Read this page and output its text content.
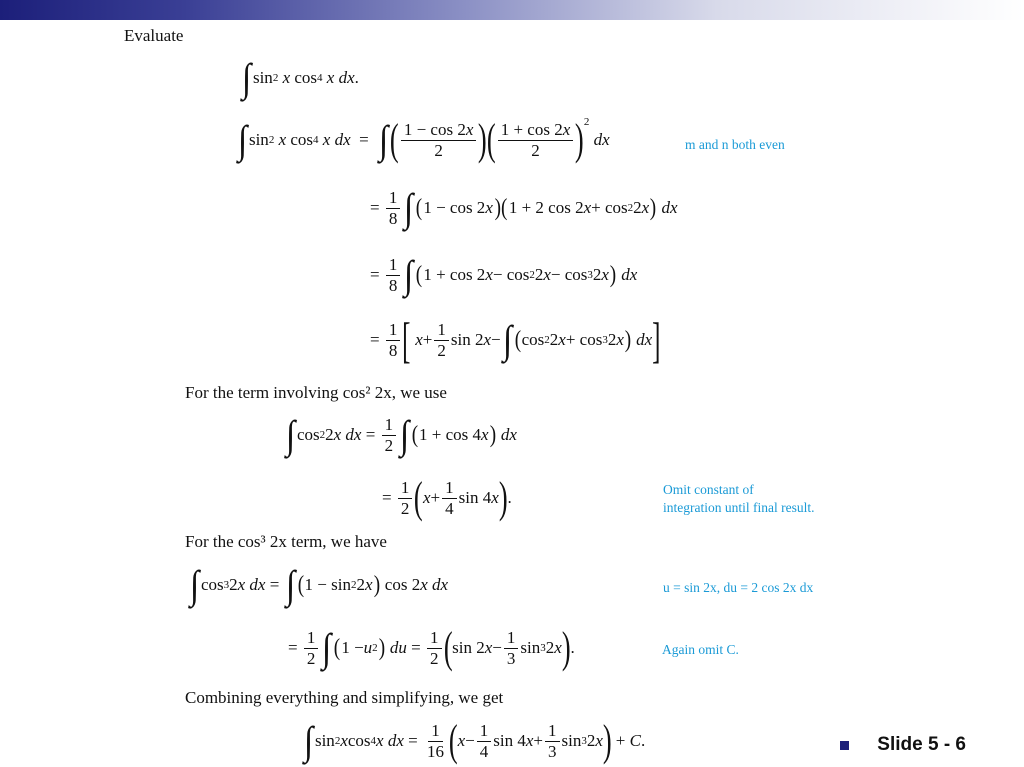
Evaluate
∫ sin 2
x cos 4
x dx .
∫ sin 2
x cos 4
x dx = ∫ ( $\frac{1 - \cos 2x}{2}$ ) ( $\frac{1 + \cos 2x}{2} )^2$

dx	m and n both even
= $\frac{1}{8}$ ∫ ( 1 − cos 2 x )( 1 + 2 cos 2 x + cos 2 2 x )
dx
= $\frac{1}{8}$ ∫ ( 1 + cos 2 x − cos 2 2 x − cos 3 2 x )
dx
= $\frac{1}{8}$ [
$x + \frac{1}{2}$ sin 2 x − ∫ ( cos 2 2 x + cos 3 2 x )
dx ]
For the term involving cos² 2x, we use
∫ cos 2 2 x dx = $\frac{1}{2}$ ∫ ( 1 + cos 4 x )
dx
= $\frac{1}{2}$ ( $x + \frac{1}{4}$ sin 4 x ) .	Omit constant of
integration until final result.
For the cos³ 2x term, we have
∫ cos 3 2 x dx = ∫ ( 1 − sin 2 2 x ) cos 2 x dx	u = sin 2x, du = 2 cos 2x dx
= $\frac{1}{2}$ ∫ ( 1 − u 2 )
du = $\frac{1}{2}$ ( sin 2 $x - \frac{1}{3}$ sin 3 2 x ) .	Again omit C.
Combining everything and simplifying, we get
∫ sin 2 x cos 4 x dx = $\frac{1}{16}$ ( $x - \frac{1}{4}$ sin 4 $x + \frac{1}{3}$ sin 3 2 x ) + C .	Slide
5 - 6
